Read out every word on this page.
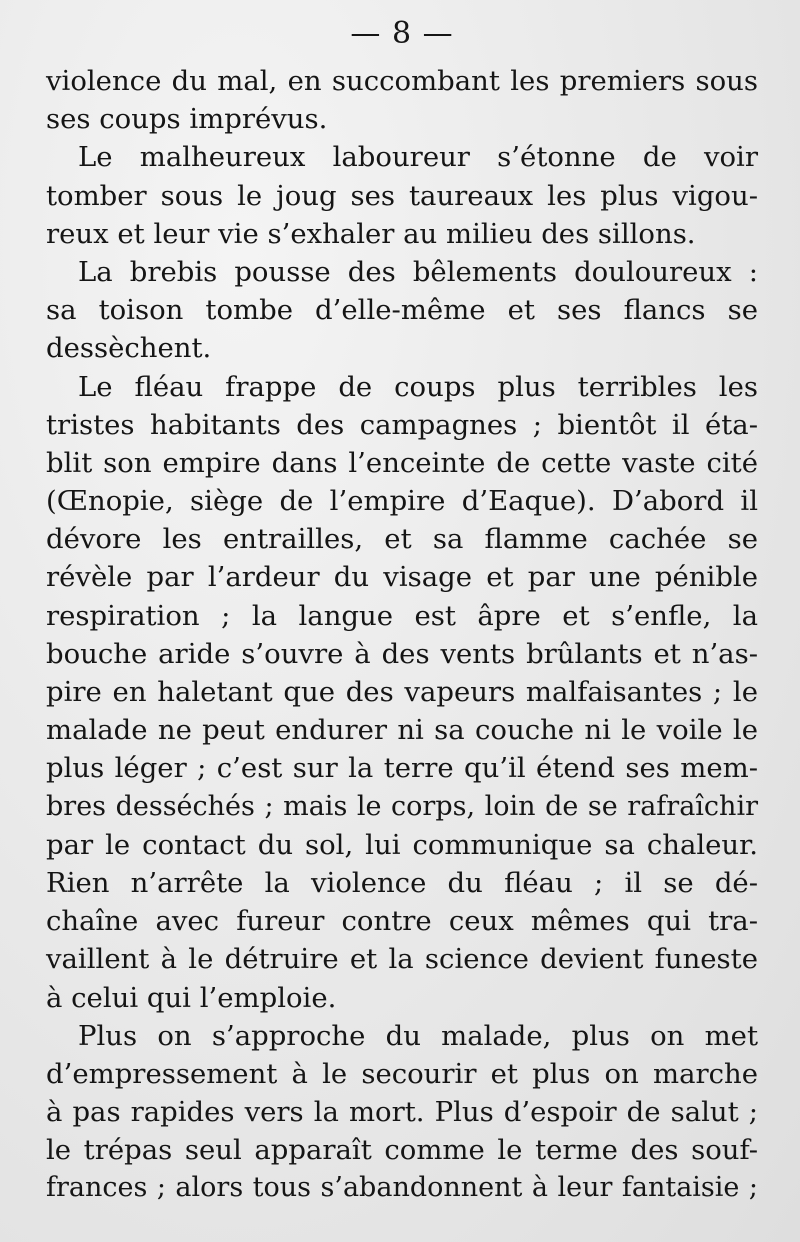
— 8 —
violence du mal, en succombant les premiers sous
ses coups imprévus.
Le malheureux laboureur s’étonne de voir
tomber sous le joug ses taureaux les plus vigou-
reux et leur vie s’exhaler au milieu des sillons.
La brebis pousse des bêlements douloureux :
sa toison tombe d’elle-même et ses flancs se
dessèchent.
Le fléau frappe de coups plus terribles les
tristes habitants des campagnes ; bientôt il éta-
blit son empire dans l’enceinte de cette vaste cité
(Œnopie, siège de l’empire d’Eaque). D’abord il
dévore les entrailles, et sa flamme cachée se
révèle par l’ardeur du visage et par une pénible
respiration ; la langue est âpre et s’enfle, la
bouche aride s’ouvre à des vents brûlants et n’as-
pire en haletant que des vapeurs malfaisantes ; le
malade ne peut endurer ni sa couche ni le voile le
plus léger ; c’est sur la terre qu’il étend ses mem-
bres desséchés ; mais le corps, loin de se rafraîchir
par le contact du sol, lui communique sa chaleur.
Rien n’arrête la violence du fléau ; il se dé-
chaîne avec fureur contre ceux mêmes qui tra-
vaillent à le détruire et la science devient funeste
à celui qui l’emploie.
Plus on s’approche du malade, plus on met
d’empressement à le secourir et plus on marche
à pas rapides vers la mort. Plus d’espoir de salut ;
le trépas seul apparaît comme le terme des souf-
frances ; alors tous s’abandonnent à leur fantaisie ;
